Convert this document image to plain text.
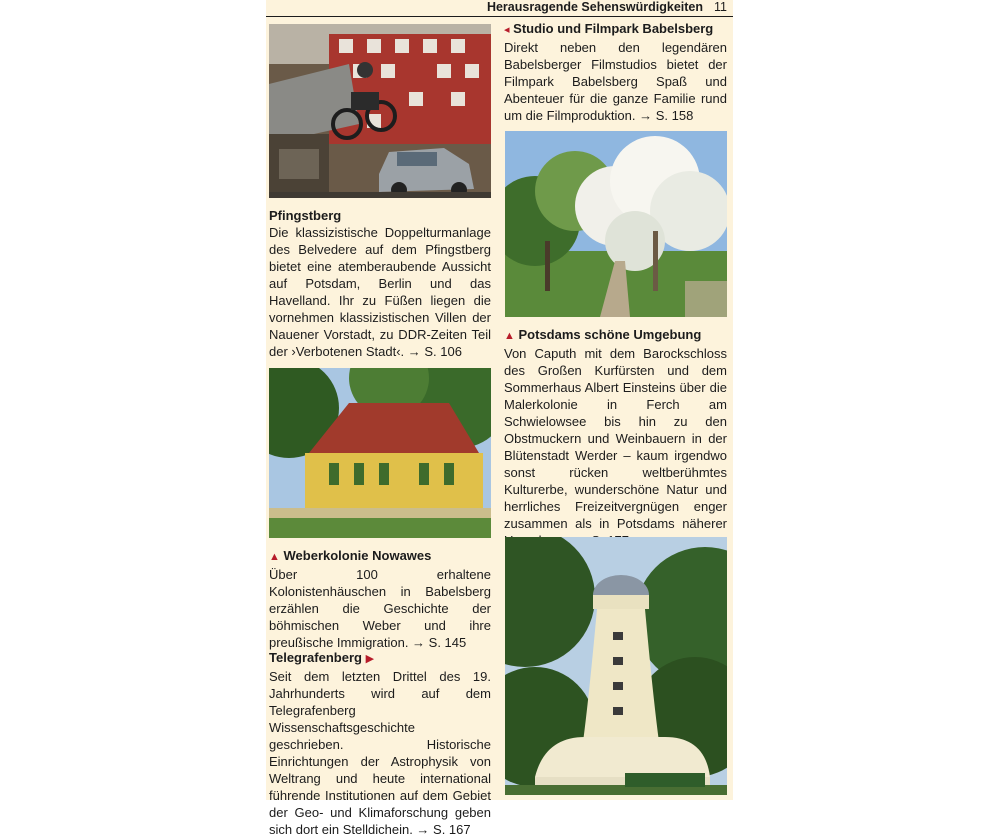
Herausragende Sehenswürdigkeiten 11
◂ Studio und Filmpark Babelsberg

Direkt neben den legendären Babelsberger Filmstudios bietet der Filmpark Babelsberg Spaß und Abenteuer für die ganze Familie rund um die Filmproduktion. → S. 158

Pfingstberg

Die klassizistische Doppelturmanlage des Belvedere auf dem Pfingstberg bietet eine atemberaubende Aussicht auf Potsdam, Berlin und das Havelland. Ihr zu Füßen liegen die vornehmen klassizistischen Villen der Nauener Vorstadt, zu DDR-Zeiten Teil der ›Verbotenen Stadt‹. → S. 106

▲ Potsdams schöne Umgebung

Von Caputh mit dem Barockschloss des Großen Kurfürsten und dem Sommerhaus Albert Einsteins über die Malerkolonie in Ferch am Schwielowsee bis hin zu den Obstmuckern und Weinbauern in der Blütenstadt Werder – kaum irgendwo sonst rücken weltberühmtes Kulturerbe, wunderschöne Natur und herrliches Freizeitvergnügen enger zusammen als in Potsdams näherer

▲ Weberkolonie Nowawes

Über 100 erhaltene Kolonistenhäuschen in Babelsberg erzählen die Geschichte der böhmischen Weber und ihre preußische Immigration. → S. 145

Telegrafenberg ▶

Seit dem letzten Drittel des 19. Jahrhunderts wird auf dem Telegrafenberg Wissenschaftsgeschichte geschrieben. Historische Einrichtungen der Astrophysik von Weltrang und heute international führende Institutionen auf dem Gebiet der Geo- und Klimaforschung geben sich dort ein Stelldichein. → S. 167
